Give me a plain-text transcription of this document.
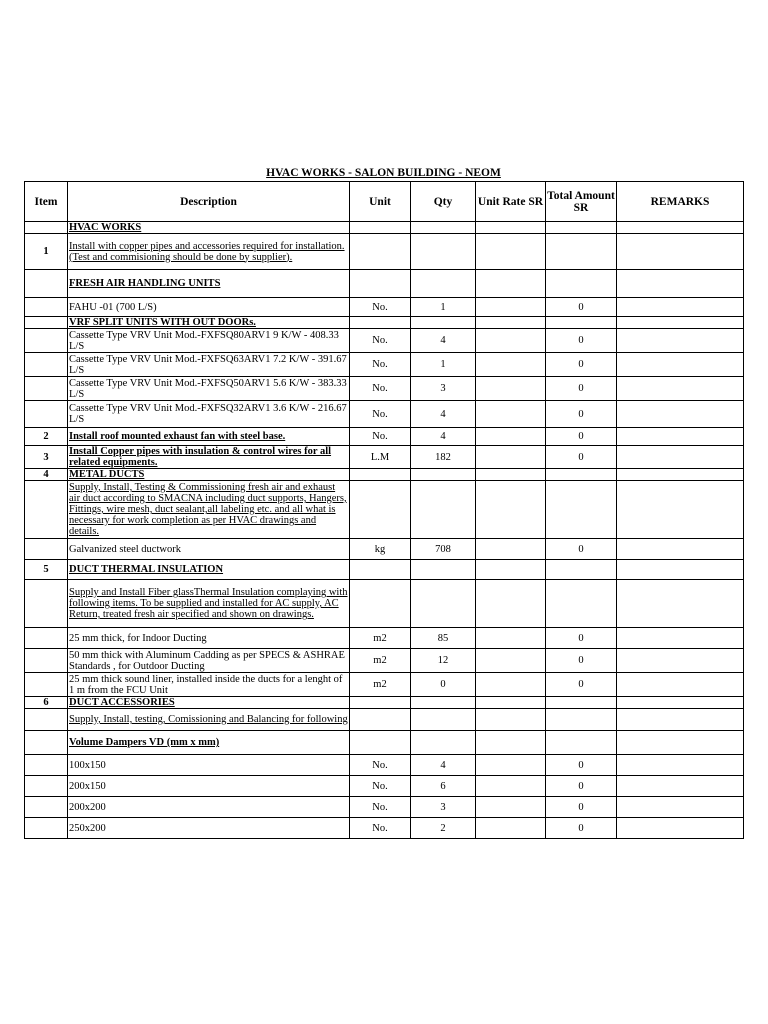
HVAC WORKS - SALON BUILDING - NEOM
Item	Description	Unit	Qty	Unit Rate SR	Total Amount SR	REMARKS
	HVAC WORKS					
1	Install with copper pipes and accessories required for installation. (Test and commisioning should be done by supplier).					
	FRESH AIR HANDLING UNITS					
	FAHU -01 (700 L/S)	No.	1		0	
	VRF SPLIT UNITS WITH OUT DOORs.					
	Cassette Type VRV Unit Mod.-FXFSQ80ARV1 9 K/W - 408.33 L/S	No.	4		0	
	Cassette Type VRV Unit Mod.-FXFSQ63ARV1 7.2 K/W - 391.67 L/S	No.	1		0	
	Cassette Type VRV Unit Mod.-FXFSQ50ARV1 5.6 K/W - 383.33 L/S	No.	3		0	
	Cassette Type VRV Unit Mod.-FXFSQ32ARV1 3.6 K/W - 216.67 L/S	No.	4		0	
2	Install roof mounted exhaust fan with steel base.	No.	4		0	
3	Install Copper pipes with insulation & control wires for all related equipments.	L.M	182		0	
4	METAL DUCTS					
	Supply, Install, Testing & Commissioning fresh air and exhaust air duct according to SMACNA including duct supports, Hangers, Fittings, wire mesh, duct sealant,all labeling etc. and all what is necessary for work completion as per HVAC drawings and details.					
	Galvanized steel ductwork	kg	708		0	
5	DUCT THERMAL INSULATION					
	Supply and Install Fiber glassThermal Insulation complaying with following items. To be supplied and installed for AC supply, AC Return, treated fresh air specified and shown on drawings.					
	25 mm thick, for Indoor Ducting	m2	85		0	
	50 mm thick with Aluminum Cadding as per SPECS & ASHRAE Standards , for Outdoor Ducting	m2	12		0	
	25 mm thick sound liner, installed inside the ducts for a lenght of 1 m from the FCU Unit	m2	0		0	
6	DUCT ACCESSORIES					
	Supply, Install, testing, Comissioning and Balancing for following					
	Volume Dampers VD (mm x mm)					
	100x150	No.	4		0	
	200x150	No.	6		0	
	200x200	No.	3		0	
	250x200	No.	2		0	
